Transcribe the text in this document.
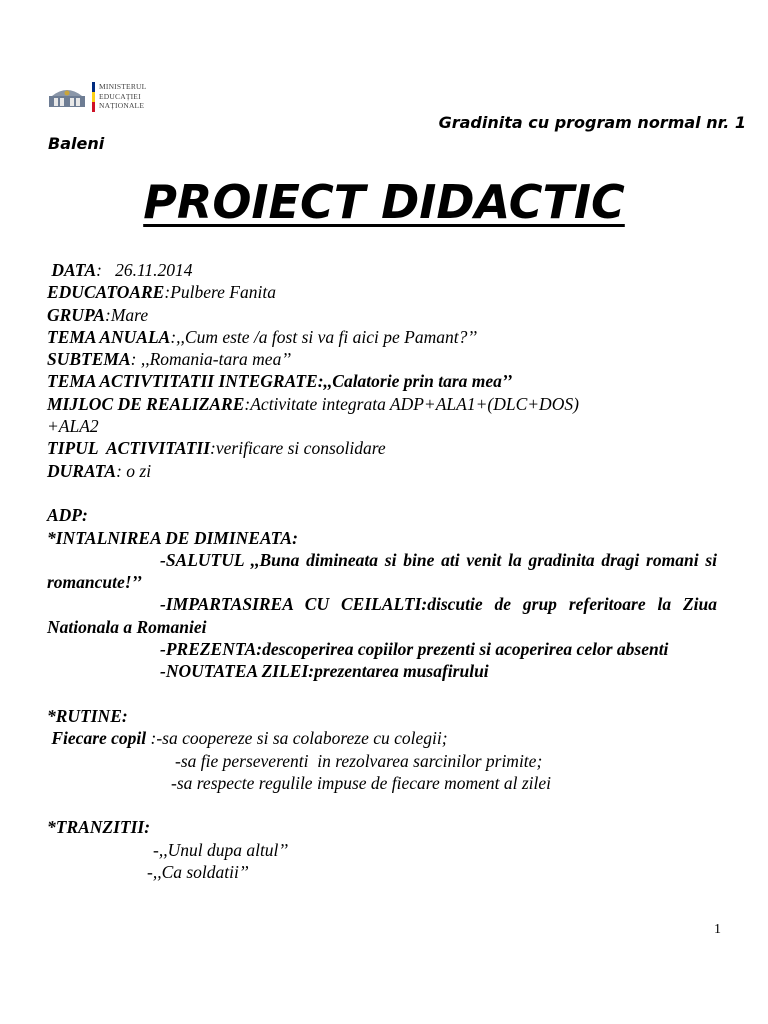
MINISTERUL
EDUCAȚIEI
NAȚIONALE
Gradinita cu program normal nr. 1
Baleni
PROIECT DIDACTIC
DATA:   26.11.2014
EDUCATOARE:Pulbere Fanita
GRUPA:Mare
TEMA ANUALA:,,Cum este /a fost si va fi aici pe Pamant?’’
SUBTEMA: ,,Romania-tara mea’’
TEMA ACTIVTITATII INTEGRATE:,,Calatorie prin tara mea’’
MIJLOC DE REALIZARE:Activitate integrata ADP+ALA1+(DLC+DOS)
+ALA2
TIPUL  ACTIVITATII:verificare si consolidare
DURATA: o zi
ADP:
*INTALNIREA DE DIMINEATA:
-SALUTUL ,,Buna dimineata si bine ati venit la gradinita dragi romani si romancute!’’
-IMPARTASIREA CU CEILALTI:discutie de grup referitoare la Ziua Nationala a Romaniei
-PREZENTA:descoperirea copiilor prezenti si acoperirea celor absenti
-NOUTATEA ZILEI:prezentarea musafirului
*RUTINE:
Fiecare copil :-sa coopereze si sa colaboreze cu colegii;
-sa fie perseverenti  in rezolvarea sarcinilor primite;
-sa respecte regulile impuse de fiecare moment al zilei
*TRANZITII:
-,,Unul dupa altul’’
-,,Ca soldatii’’
1
